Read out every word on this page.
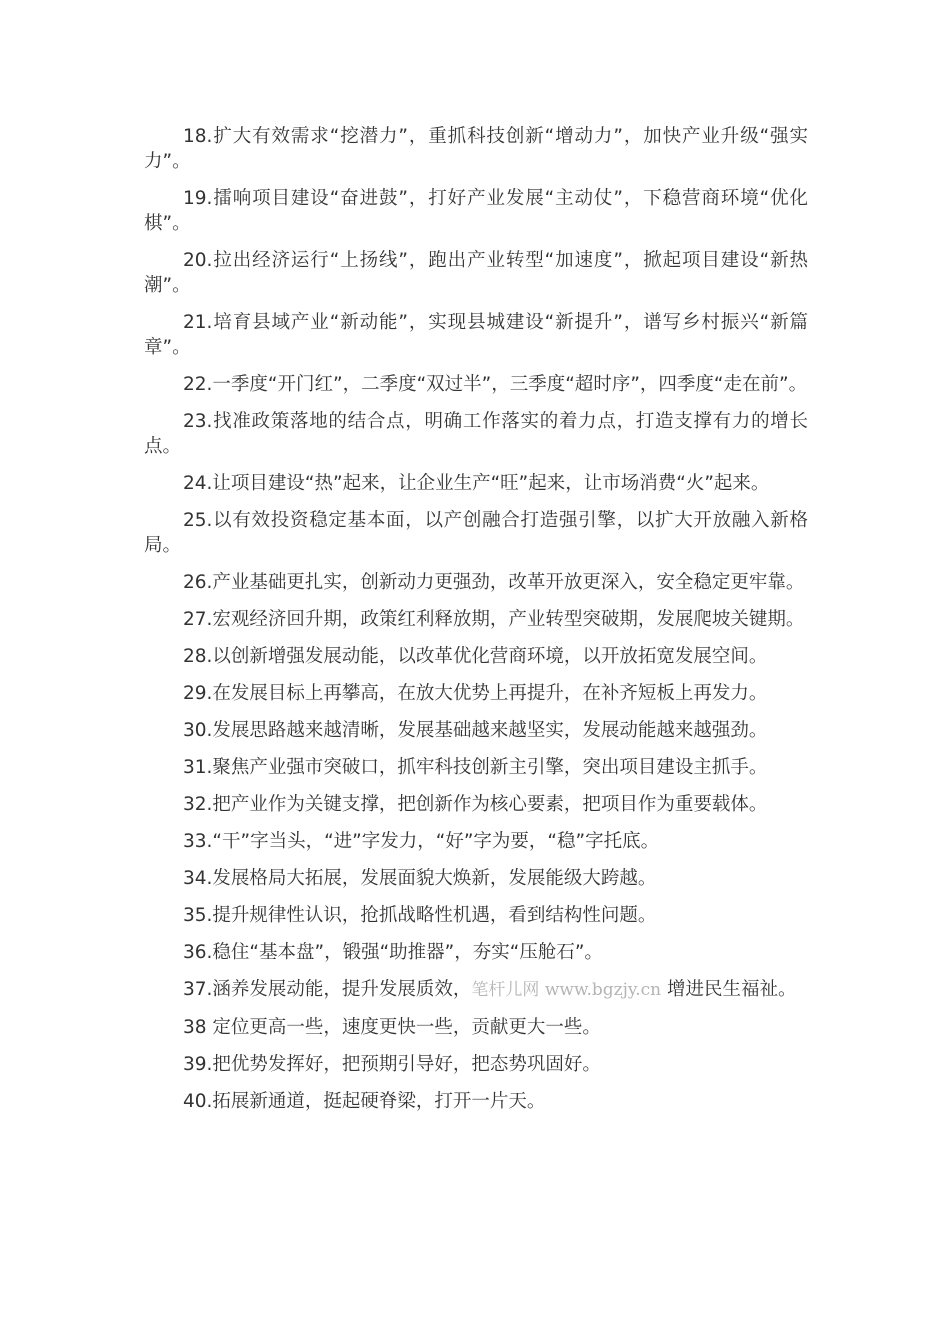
18.扩大有效需求“挖潜力”，重抓科技创新“增动力”，加快产业升级“强实力”。

19.擂响项目建设“奋进鼓”，打好产业发展“主动仗”，下稳营商环境“优化棋”。

20.拉出经济运行“上扬线”，跑出产业转型“加速度”，掀起项目建设“新热潮”。

21.培育县域产业“新动能”，实现县城建设“新提升”，谱写乡村振兴“新篇章”。

22.一季度“开门红”，二季度“双过半”，三季度“超时序”，四季度“走在前”。

23.找准政策落地的结合点，明确工作落实的着力点，打造支撑有力的增长点。

24.让项目建设“热”起来，让企业生产“旺”起来，让市场消费“火”起来。

25.以有效投资稳定基本面，以产创融合打造强引擎，以扩大开放融入新格局。

26.产业基础更扎实，创新动力更强劲，改革开放更深入，安全稳定更牢靠。

27.宏观经济回升期，政策红利释放期，产业转型突破期，发展爬坡关键期。

28.以创新增强发展动能，以改革优化营商环境，以开放拓宽发展空间。

29.在发展目标上再攀高，在放大优势上再提升，在补齐短板上再发力。

30.发展思路越来越清晰，发展基础越来越坚实，发展动能越来越强劲。

31.聚焦产业强市突破口，抓牢科技创新主引擎，突出项目建设主抓手。

32.把产业作为关键支撑，把创新作为核心要素，把项目作为重要载体。

33.“干”字当头，“进”字发力，“好”字为要，“稳”字托底。

34.发展格局大拓展，发展面貌大焕新，发展能级大跨越。

35.提升规律性认识，抢抓战略性机遇，看到结构性问题。

36.稳住“基本盘”，锻强“助推器”，夯实“压舱石”。

37.涵养发展动能，提升发展质效，笔杆儿网 www.bgzjy.cn 增进民生福祉。

38 定位更高一些，速度更快一些，贡献更大一些。

39.把优势发挥好，把预期引导好，把态势巩固好。

40.拓展新通道，挺起硬脊梁，打开一片天。
